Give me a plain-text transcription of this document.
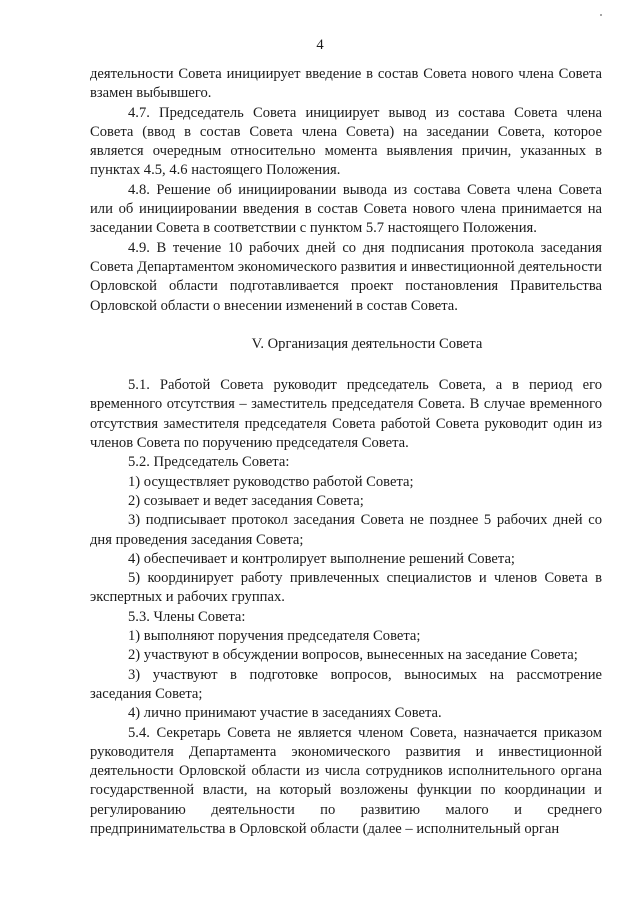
4

деятельности Совета инициирует введение в состав Совета нового члена Совета взамен выбывшего.

4.7. Председатель Совета инициирует вывод из состава Совета члена Совета (ввод в состав Совета члена Совета) на заседании Совета, которое является очередным относительно момента выявления причин, указанных в пунктах 4.5, 4.6 настоящего Положения.

4.8. Решение об инициировании вывода из состава Совета члена Совета или об инициировании введения в состав Совета нового члена принимается на заседании Совета в соответствии с пунктом 5.7 настоящего Положения.

4.9. В течение 10 рабочих дней со дня подписания протокола заседания Совета Департаментом экономического развития и инвестиционной деятельности Орловской области подготавливается проект постановления Правительства Орловской области о внесении изменений в состав Совета.

V. Организация деятельности Совета

5.1. Работой Совета руководит председатель Совета, а в период его временного отсутствия – заместитель председателя Совета. В случае временного отсутствия заместителя председателя Совета работой Совета руководит один из членов Совета по поручению председателя Совета.

5.2. Председатель Совета:

1) осуществляет руководство работой Совета;

2) созывает и ведет заседания Совета;

3) подписывает протокол заседания Совета не позднее 5 рабочих дней со дня проведения заседания Совета;

4) обеспечивает и контролирует выполнение решений Совета;

5) координирует работу привлеченных специалистов и членов Совета в экспертных и рабочих группах.

5.3. Члены Совета:

1) выполняют поручения председателя Совета;

2) участвуют в обсуждении вопросов, вынесенных на заседание Совета;

3) участвуют в подготовке вопросов, выносимых на рассмотрение заседания Совета;

4) лично принимают участие в заседаниях Совета.

5.4. Секретарь Совета не является членом Совета, назначается приказом руководителя Департамента экономического развития и инвестиционной деятельности Орловской области из числа сотрудников исполнительного органа государственной власти, на который возложены функции по координации и регулированию деятельности по развитию малого и среднего предпринимательства в Орловской области (далее – исполнительный орган
